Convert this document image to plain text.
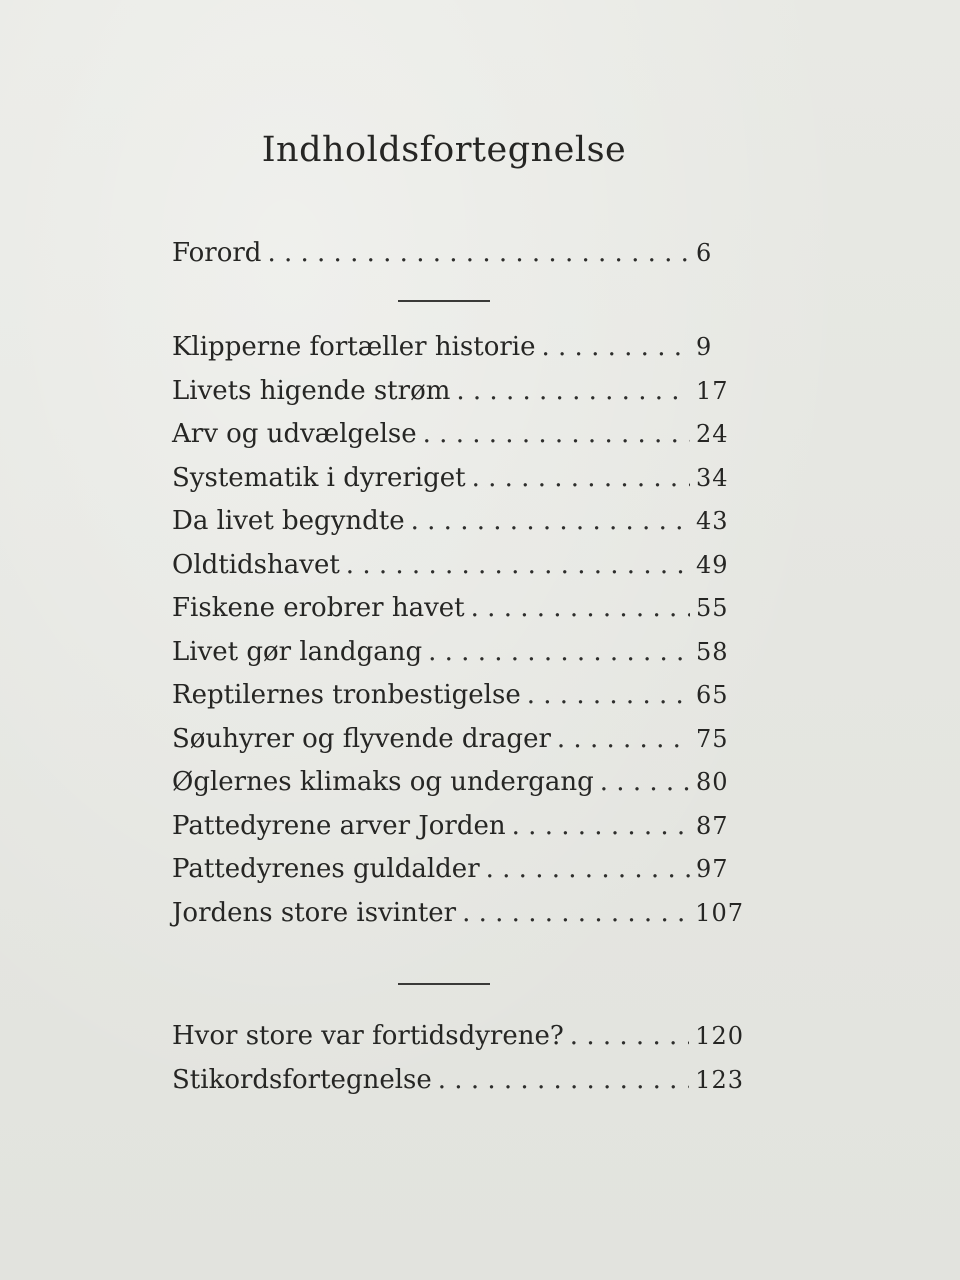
Indholdsfortegnelse
Forord . . .	6
Klipperne fortæller historie . . .	9
Livets higende strøm . . .	17
Arv og udvælgelse . . .	24
Systematik i dyreriget . . .	34
Da livet begyndte . . .	43
Oldtidshavet . . .	49
Fiskene erobrer havet . . .	55
Livet gør landgang . . .	58
Reptilernes tronbestigelse . . .	65
Søuhyrer og flyvende drager . . .	75
Øglernes klimaks og undergang . . .	80
Pattedyrene arver Jorden . . .	87
Pattedyrenes guldalder . . .	97
Jordens store isvinter . . .	107
Hvor store var fortidsdyrene? . . .	120
Stikordsfortegnelse . . .	123
